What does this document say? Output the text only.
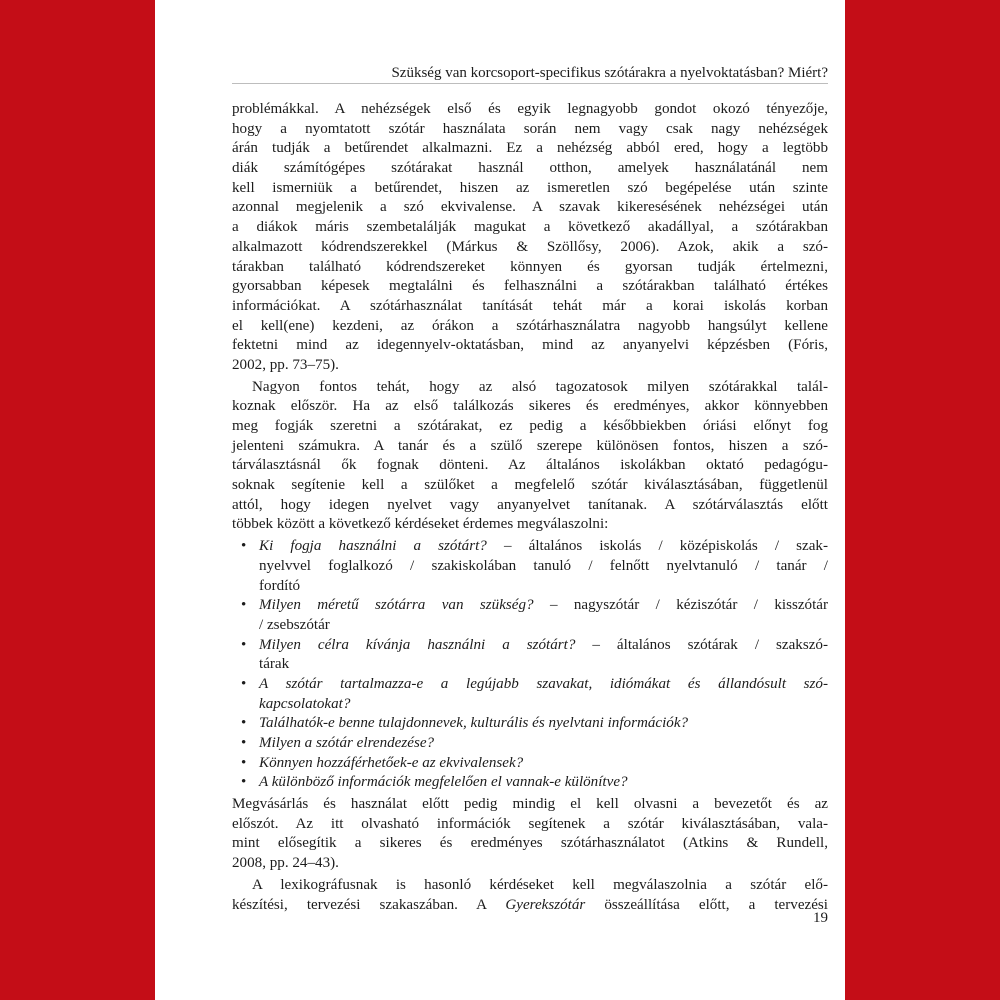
Szükség van korcsoport-specifikus szótárakra a nyelvoktatásban? Miért?
problémákkal. A nehézségek első és egyik legnagyobb gondot okozó tényezője,
hogy a nyomtatott szótár használata során nem vagy csak nagy nehézségek
árán tudják a betűrendet alkalmazni. Ez a nehézség abból ered, hogy a legtöbb
diák számítógépes szótárakat használ otthon, amelyek használatánál nem
kell ismerniük a betűrendet, hiszen az ismeretlen szó begépelése után szinte
azonnal megjelenik a szó ekvivalense. A szavak kikeresésének nehézségei után
a diákok máris szembetalálják magukat a következő akadállyal, a szótárakban
alkalmazott kódrendszerekkel (Márkus & Szöllősy, 2006). Azok, akik a szó-
tárakban található kódrendszereket könnyen és gyorsan tudják értelmezni,
gyorsabban képesek megtalálni és felhasználni a szótárakban található értékes
információkat. A szótárhasználat tanítását tehát már a korai iskolás korban
el kell(ene) kezdeni, az órákon a szótárhasználatra nagyobb hangsúlyt kellene
fektetni mind az idegennyelv-oktatásban, mind az anyanyelvi képzésben (Fóris,
2002, pp. 73–75).
Nagyon fontos tehát, hogy az alsó tagozatosok milyen szótárakkal talál-
koznak először. Ha az első találkozás sikeres és eredményes, akkor könnyebben
meg fogják szeretni a szótárakat, ez pedig a későbbiekben óriási előnyt fog
jelenteni számukra. A tanár és a szülő szerepe különösen fontos, hiszen a szó-
tárválasztásnál ők fognak dönteni. Az általános iskolákban oktató pedagógu-
soknak segítenie kell a szülőket a megfelelő szótár kiválasztásában, függetlenül
attól, hogy idegen nyelvet vagy anyanyelvet tanítanak. A szótárválasztás előtt
többek között a következő kérdéseket érdemes megválaszolni:
• Ki fogja használni a szótárt? – általános iskolás / középiskolás / szak-
nyelvvel foglalkozó / szakiskolában tanuló / felnőtt nyelvtanuló / tanár /
fordító
• Milyen méretű szótárra van szükség? – nagyszótár / kéziszótár / kisszótár
/ zsebszótár
• Milyen célra kívánja használni a szótárt? – általános szótárak / szakszó-
tárak
• A szótár tartalmazza-e a legújabb szavakat, idiómákat és állandósult szó-
kapcsolatokat?
• Találhatók-e benne tulajdonnevek, kulturális és nyelvtani információk?
• Milyen a szótár elrendezése?
• Könnyen hozzáférhetőek-e az ekvivalensek?
• A különböző információk megfelelően el vannak-e különítve?
Megvásárlás és használat előtt pedig mindig el kell olvasni a bevezetőt és az
előszót. Az itt olvasható információk segítenek a szótár kiválasztásában, vala-
mint elősegítik a sikeres és eredményes szótárhasználatot (Atkins & Rundell,
2008, pp. 24–43).
A lexikográfusnak is hasonló kérdéseket kell megválaszolnia a szótár elő-
készítési, tervezési szakaszában. A Gyerekszótár összeállítása előtt, a tervezési
19
